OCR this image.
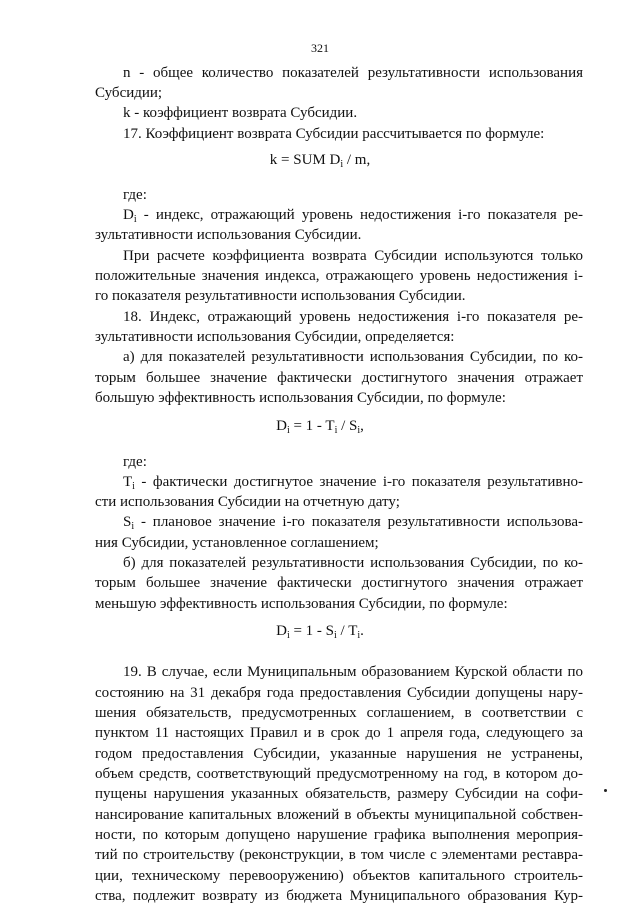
321
n - общее количество показателей результативности использования
Субсидии;
k - коэффициент возврата Субсидии.
17. Коэффициент возврата Субсидии рассчитывается по формуле:
k = SUM $D_i$ / m,
где:
$D_i$ - индекс, отражающий уровень недостижения i-го показателя ре-
зультативности использования Субсидии.
При расчете коэффициента возврата Субсидии используются только
положительные значения индекса, отражающего уровень недостижения i-
го показателя результативности использования Субсидии.
18. Индекс, отражающий уровень недостижения i-го показателя ре-
зультативности использования Субсидии, определяется:
а) для показателей результативности использования Субсидии, по ко-
торым большее значение фактически достигнутого значения отражает
большую эффективность использования Субсидии, по формуле:
$D_i = 1 - T_i / S_i$,
где:
$T_i$ - фактически достигнутое значение i-го показателя результативно-
сти использования Субсидии на отчетную дату;
$S_i$ - плановое значение i-го показателя результативности использова-
ния Субсидии, установленное соглашением;
б) для показателей результативности использования Субсидии, по ко-
торым большее значение фактически достигнутого значения отражает
меньшую эффективность использования Субсидии, по формуле:
$D_i = 1 - S_i / T_i$.
19. В случае, если Муниципальным образованием Курской области по
состоянию на 31 декабря года предоставления Субсидии допущены нару-
шения обязательств, предусмотренных соглашением, в соответствии с
пунктом 11 настоящих Правил и в срок до 1 апреля года, следующего за
годом предоставления Субсидии, указанные нарушения не устранены,
объем средств, соответствующий предусмотренному на год, в котором до-
пущены нарушения указанных обязательств, размеру Субсидии на софи-
нансирование капитальных вложений в объекты муниципальной собствен-
ности, по которым допущено нарушение графика выполнения мероприя-
тий по строительству (реконструкции, в том числе с элементами реставра-
ции, техническому перевооружению) объектов капитального строитель-
ства, подлежит возврату из бюджета Муниципального образования Кур-
